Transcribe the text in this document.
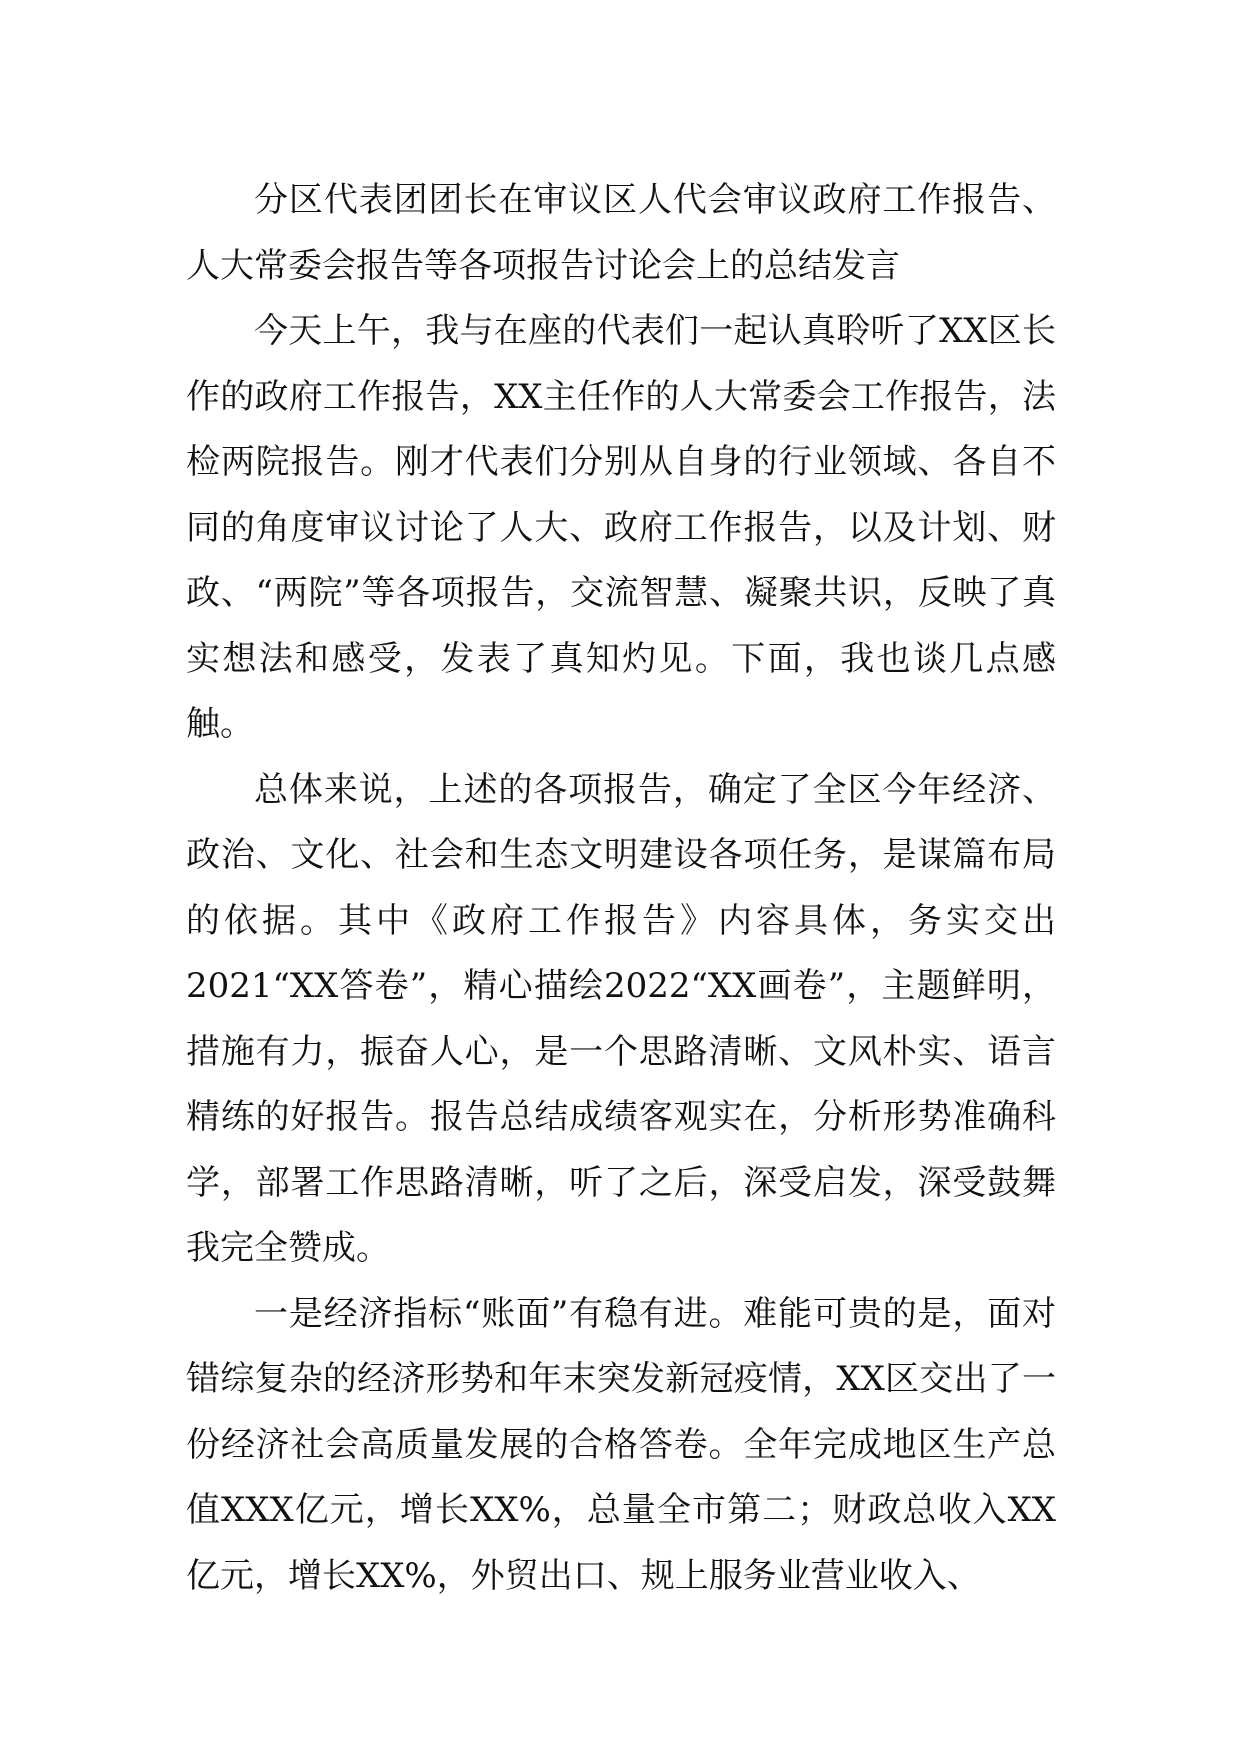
分区代表团团长在审议区人代会审议政府工作报告、人大常委会报告等各项报告讨论会上的总结发言

今天上午，我与在座的代表们一起认真聆听了XX区长作的政府工作报告，XX主任作的人大常委会工作报告，法检两院报告。刚才代表们分别从自身的行业领域、各自不同的角度审议讨论了人大、政府工作报告，以及计划、财政、“两院”等各项报告，交流智慧、凝聚共识，反映了真实想法和感受，发表了真知灼见。下面，我也谈几点感触。

总体来说，上述的各项报告，确定了全区今年经济、政治、文化、社会和生态文明建设各项任务，是谋篇布局的依据。其中《政府工作报告》内容具体，务实交出2021“XX答卷”，精心描绘2022“XX画卷”，主题鲜明，措施有力，振奋人心，是一个思路清晰、文风朴实、语言精练的好报告。报告总结成绩客观实在，分析形势准确科学，部署工作思路清晰，听了之后，深受启发，深受鼓舞我完全赞成。

一是经济指标“账面”有稳有进。难能可贵的是，面对错综复杂的经济形势和年末突发新冠疫情，XX区交出了一份经济社会高质量发展的合格答卷。全年完成地区生产总值XXX亿元，增长XX%，总量全市第二；财政总收入XX亿元，增长XX%，外贸出口、规上服务业营业收入、
